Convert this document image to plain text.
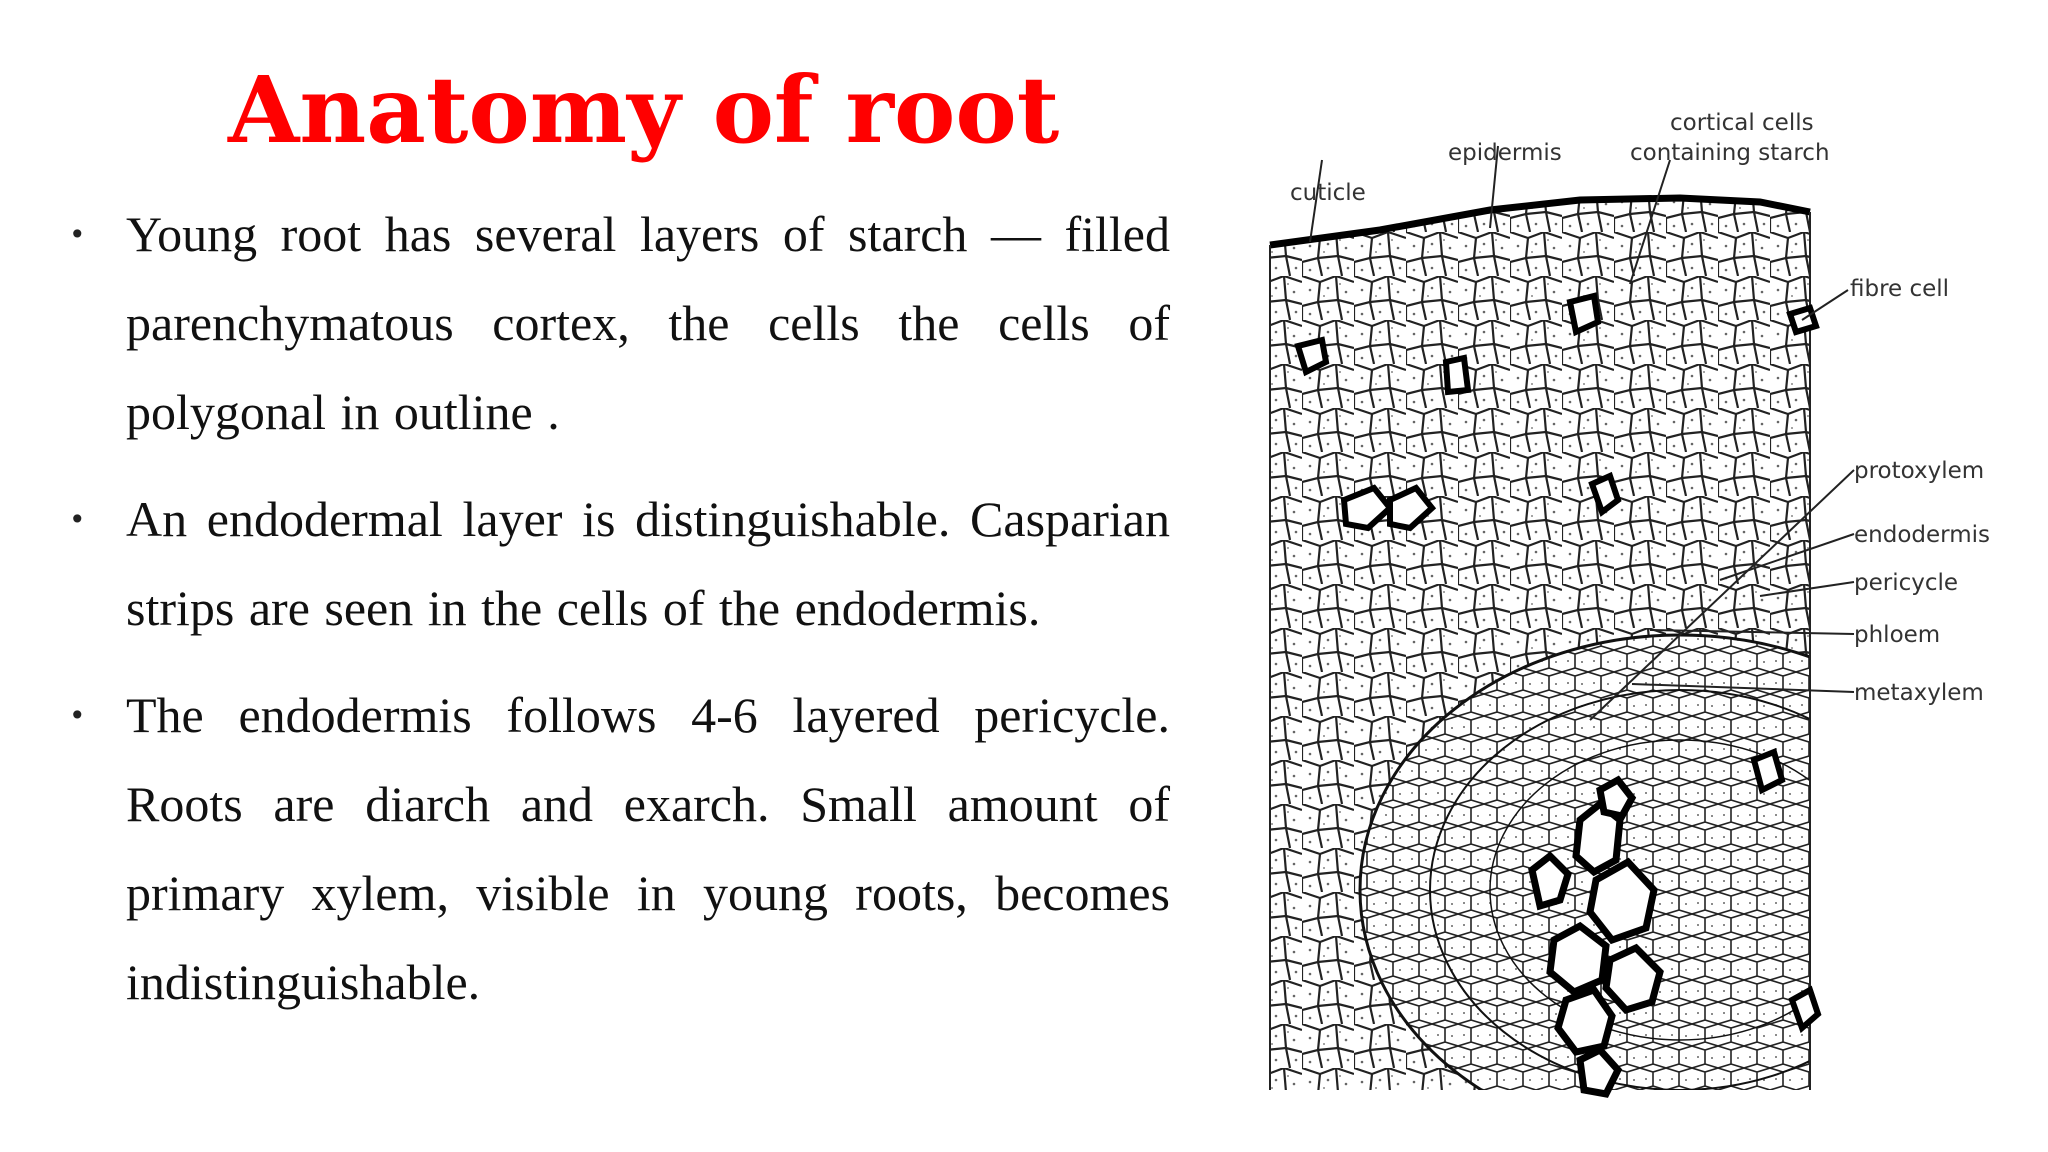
Anatomy of root
• Young root has several layers of starch — filled parenchymatous cortex, the cells the cells of polygonal in outline .
• An endodermal layer is distinguishable. Casparian strips are seen in the cells of the endodermis.
• The endodermis follows 4-6 layered pericycle. Roots are diarch and exarch. Small amount of primary xylem, visible in young roots, becomes indistinguishable.
cuticle
epidermis
cortical cells
containing starch
fibre cell
protoxylem
endodermis
pericycle
phloem
metaxylem
